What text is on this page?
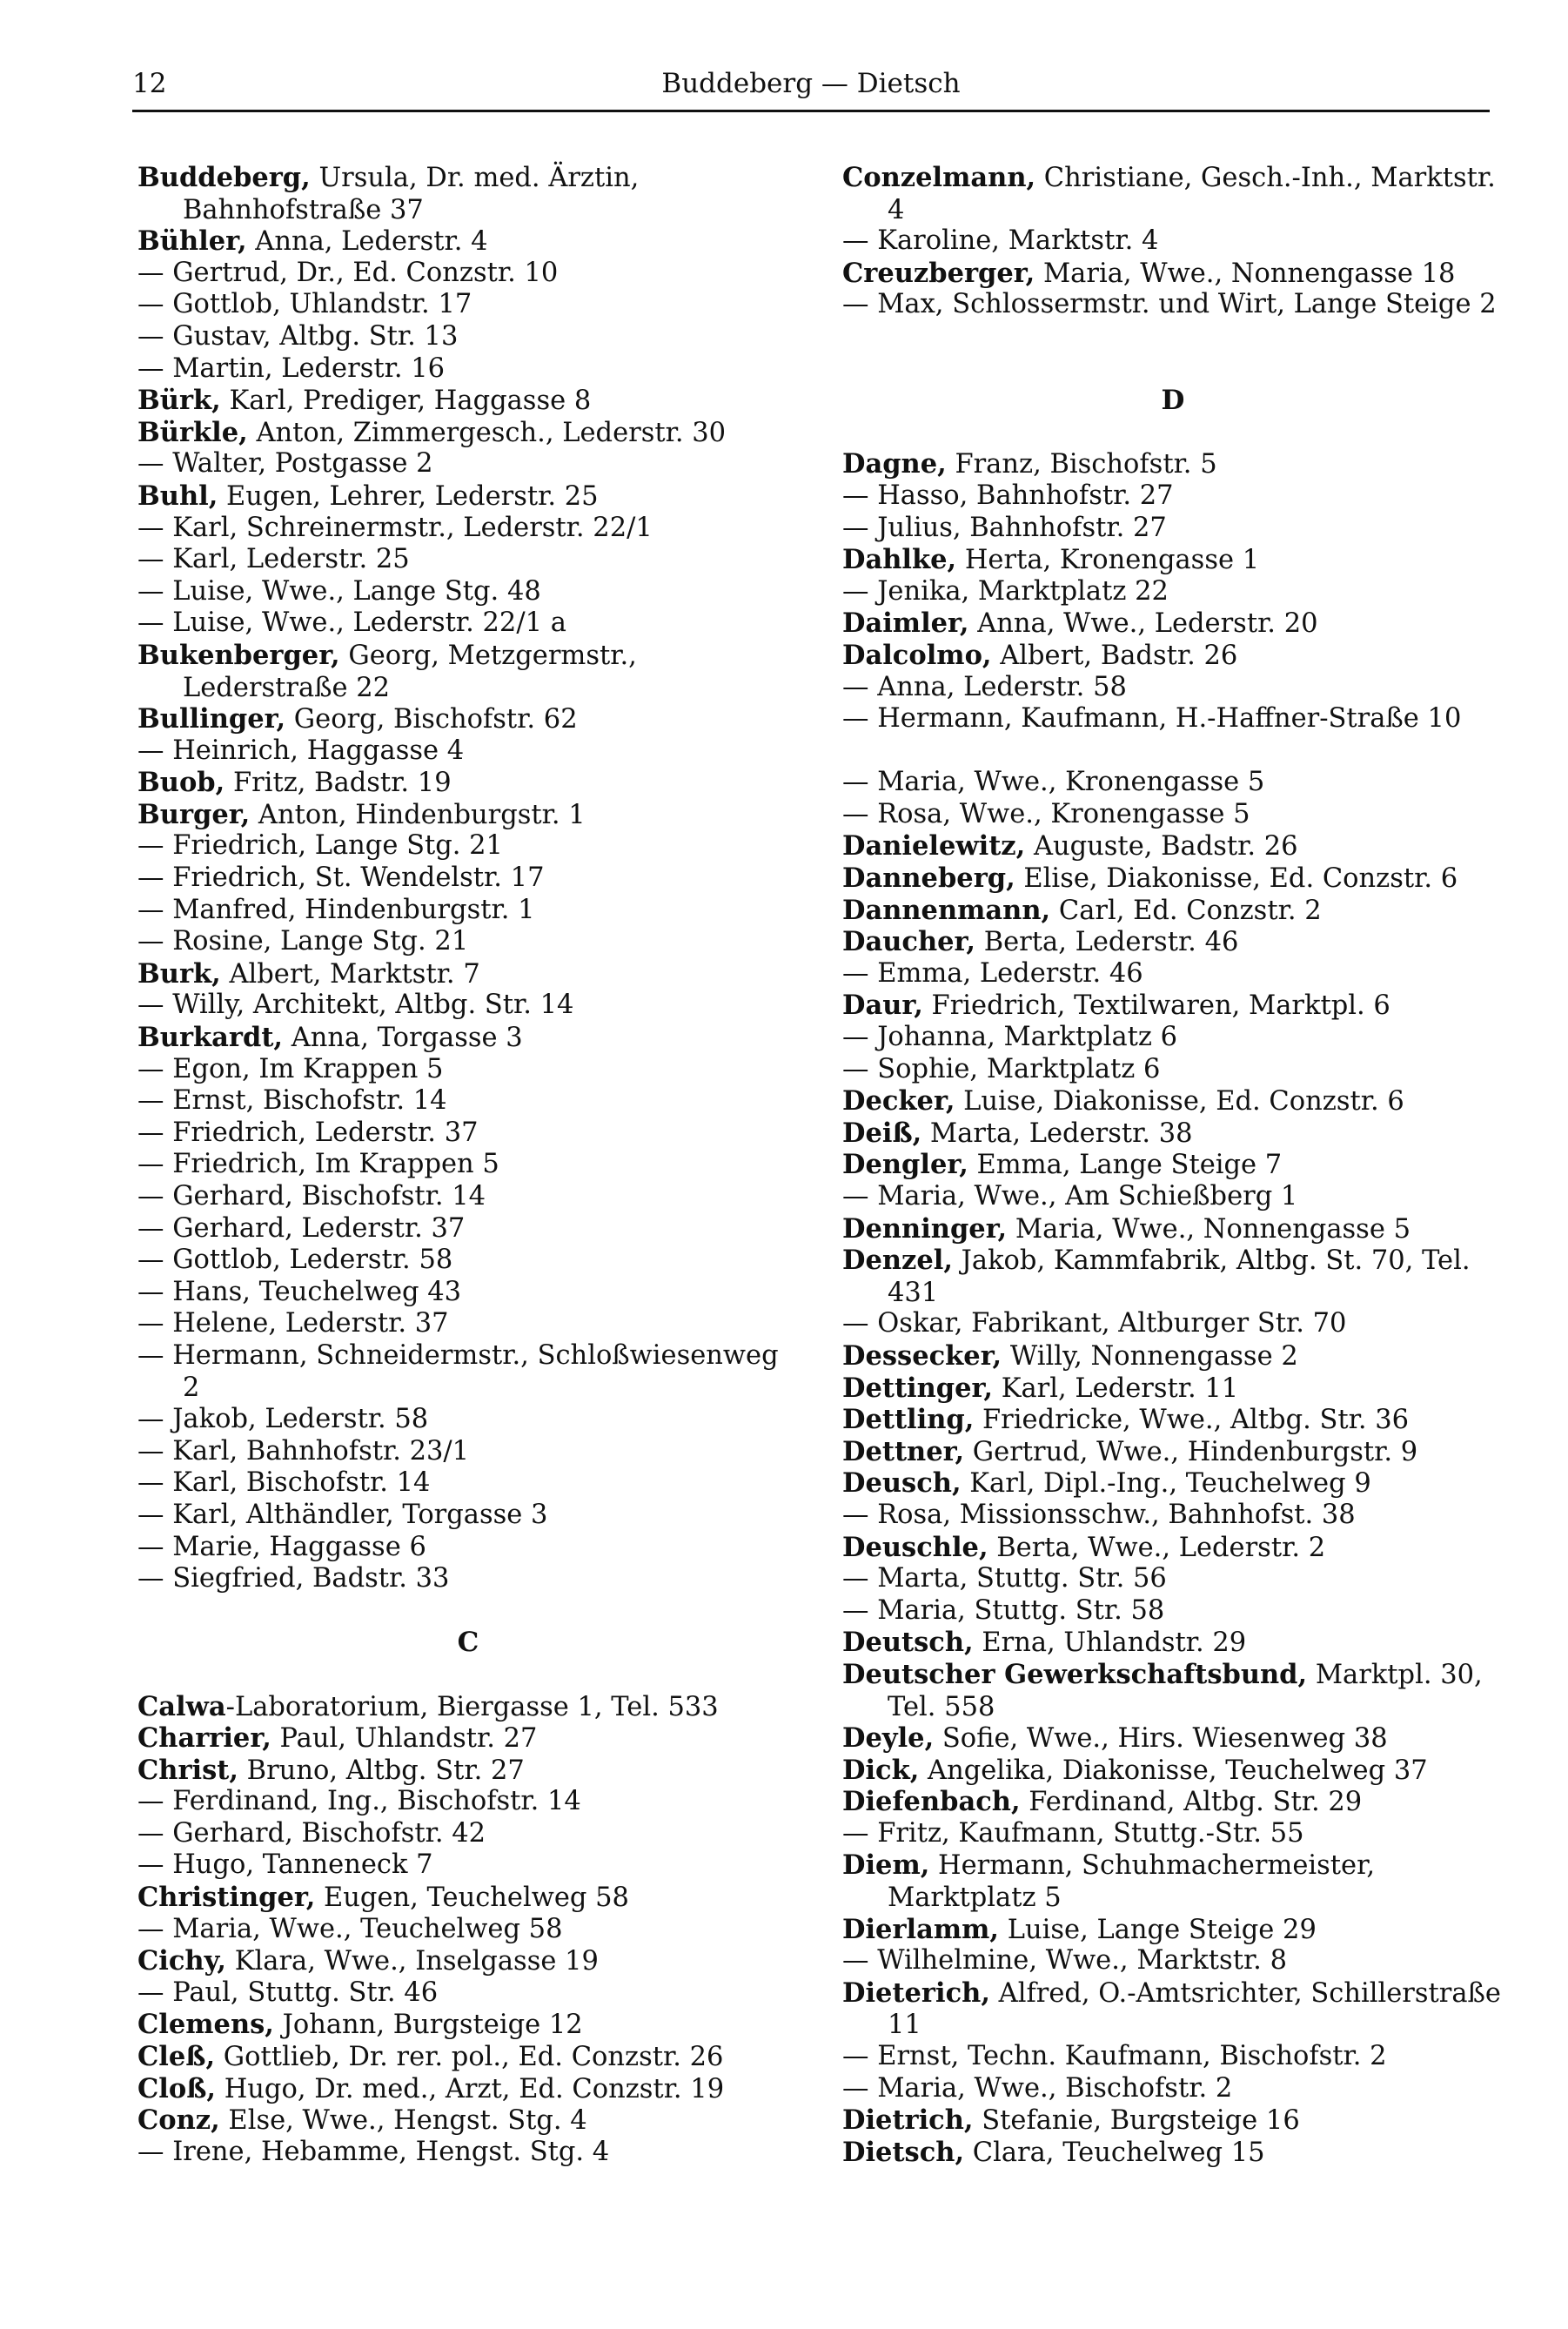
12	Buddeberg — Dietsch
Buddeberg, Ursula, Dr. med. Ärztin, Bahnhofstraße 37
Bühler, Anna, Lederstr. 4
— Gertrud, Dr., Ed. Conzstr. 10
— Gottlob, Uhlandstr. 17
— Gustav, Altbg. Str. 13
— Martin, Lederstr. 16
Bürk, Karl, Prediger, Haggasse 8
Bürkle, Anton, Zimmergesch., Lederstr. 30
— Walter, Postgasse 2
Buhl, Eugen, Lehrer, Lederstr. 25
— Karl, Schreinermstr., Lederstr. 22/1
— Karl, Lederstr. 25
— Luise, Wwe., Lange Stg. 48
— Luise, Wwe., Lederstr. 22/1 a
Bukenberger, Georg, Metzgermstr., Lederstraße 22
Bullinger, Georg, Bischofstr. 62
— Heinrich, Haggasse 4
Buob, Fritz, Badstr. 19
Burger, Anton, Hindenburgstr. 1
— Friedrich, Lange Stg. 21
— Friedrich, St. Wendelstr. 17
— Manfred, Hindenburgstr. 1
— Rosine, Lange Stg. 21
Burk, Albert, Marktstr. 7
— Willy, Architekt, Altbg. Str. 14
Burkardt, Anna, Torgasse 3
— Egon, Im Krappen 5
— Ernst, Bischofstr. 14
— Friedrich, Lederstr. 37
— Friedrich, Im Krappen 5
— Gerhard, Bischofstr. 14
— Gerhard, Lederstr. 37
— Gottlob, Lederstr. 58
— Hans, Teuchelweg 43
— Helene, Lederstr. 37
— Hermann, Schneidermstr., Schloßwiesenweg 2
— Jakob, Lederstr. 58
— Karl, Bahnhofstr. 23/1
— Karl, Bischofstr. 14
— Karl, Althändler, Torgasse 3
— Marie, Haggasse 6
— Siegfried, Badstr. 33
C
Calwa-Laboratorium, Biergasse 1, Tel. 533
Charrier, Paul, Uhlandstr. 27
Christ, Bruno, Altbg. Str. 27
— Ferdinand, Ing., Bischofstr. 14
— Gerhard, Bischofstr. 42
— Hugo, Tanneneck 7
Christinger, Eugen, Teuchelweg 58
— Maria, Wwe., Teuchelweg 58
Cichy, Klara, Wwe., Inselgasse 19
— Paul, Stuttg. Str. 46
Clemens, Johann, Burgsteige 12
Cleß, Gottlieb, Dr. rer. pol., Ed. Conzstr. 26
Cloß, Hugo, Dr. med., Arzt, Ed. Conzstr. 19
Conz, Else, Wwe., Hengst. Stg. 4
— Irene, Hebamme, Hengst. Stg. 4
Conzelmann, Christiane, Gesch.-Inh., Marktstr. 4
— Karoline, Marktstr. 4
Creuzberger, Maria, Wwe., Nonnengasse 18
— Max, Schlossermstr. und Wirt, Lange Steige 2
D
Dagne, Franz, Bischofstr. 5
— Hasso, Bahnhofstr. 27
— Julius, Bahnhofstr. 27
Dahlke, Herta, Kronengasse 1
— Jenika, Marktplatz 22
Daimler, Anna, Wwe., Lederstr. 20
Dalcolmo, Albert, Badstr. 26
— Anna, Lederstr. 58
— Hermann, Kaufmann, H.-Haffner-Straße 10
— Maria, Wwe., Kronengasse 5
— Rosa, Wwe., Kronengasse 5
Danielewitz, Auguste, Badstr. 26
Danneberg, Elise, Diakonisse, Ed. Conzstr. 6
Dannenmann, Carl, Ed. Conzstr. 2
Daucher, Berta, Lederstr. 46
— Emma, Lederstr. 46
Daur, Friedrich, Textilwaren, Marktpl. 6
— Johanna, Marktplatz 6
— Sophie, Marktplatz 6
Decker, Luise, Diakonisse, Ed. Conzstr. 6
Deiß, Marta, Lederstr. 38
Dengler, Emma, Lange Steige 7
— Maria, Wwe., Am Schießberg 1
Denninger, Maria, Wwe., Nonnengasse 5
Denzel, Jakob, Kammfabrik, Altbg. St. 70, Tel. 431
— Oskar, Fabrikant, Altburger Str. 70
Dessecker, Willy, Nonnengasse 2
Dettinger, Karl, Lederstr. 11
Dettling, Friedricke, Wwe., Altbg. Str. 36
Dettner, Gertrud, Wwe., Hindenburgstr. 9
Deusch, Karl, Dipl.-Ing., Teuchelweg 9
— Rosa, Missionsschw., Bahnhofst. 38
Deuschle, Berta, Wwe., Lederstr. 2
— Marta, Stuttg. Str. 56
— Maria, Stuttg. Str. 58
Deutsch, Erna, Uhlandstr. 29
Deutscher Gewerkschaftsbund, Marktpl. 30, Tel. 558
Deyle, Sofie, Wwe., Hirs. Wiesenweg 38
Dick, Angelika, Diakonisse, Teuchelweg 37
Diefenbach, Ferdinand, Altbg. Str. 29
— Fritz, Kaufmann, Stuttg.-Str. 55
Diem, Hermann, Schuhmachermeister, Marktplatz 5
Dierlamm, Luise, Lange Steige 29
— Wilhelmine, Wwe., Marktstr. 8
Dieterich, Alfred, O.-Amtsrichter, Schillerstraße 11
— Ernst, Techn. Kaufmann, Bischofstr. 2
— Maria, Wwe., Bischofstr. 2
Dietrich, Stefanie, Burgsteige 16
Dietsch, Clara, Teuchelweg 15
